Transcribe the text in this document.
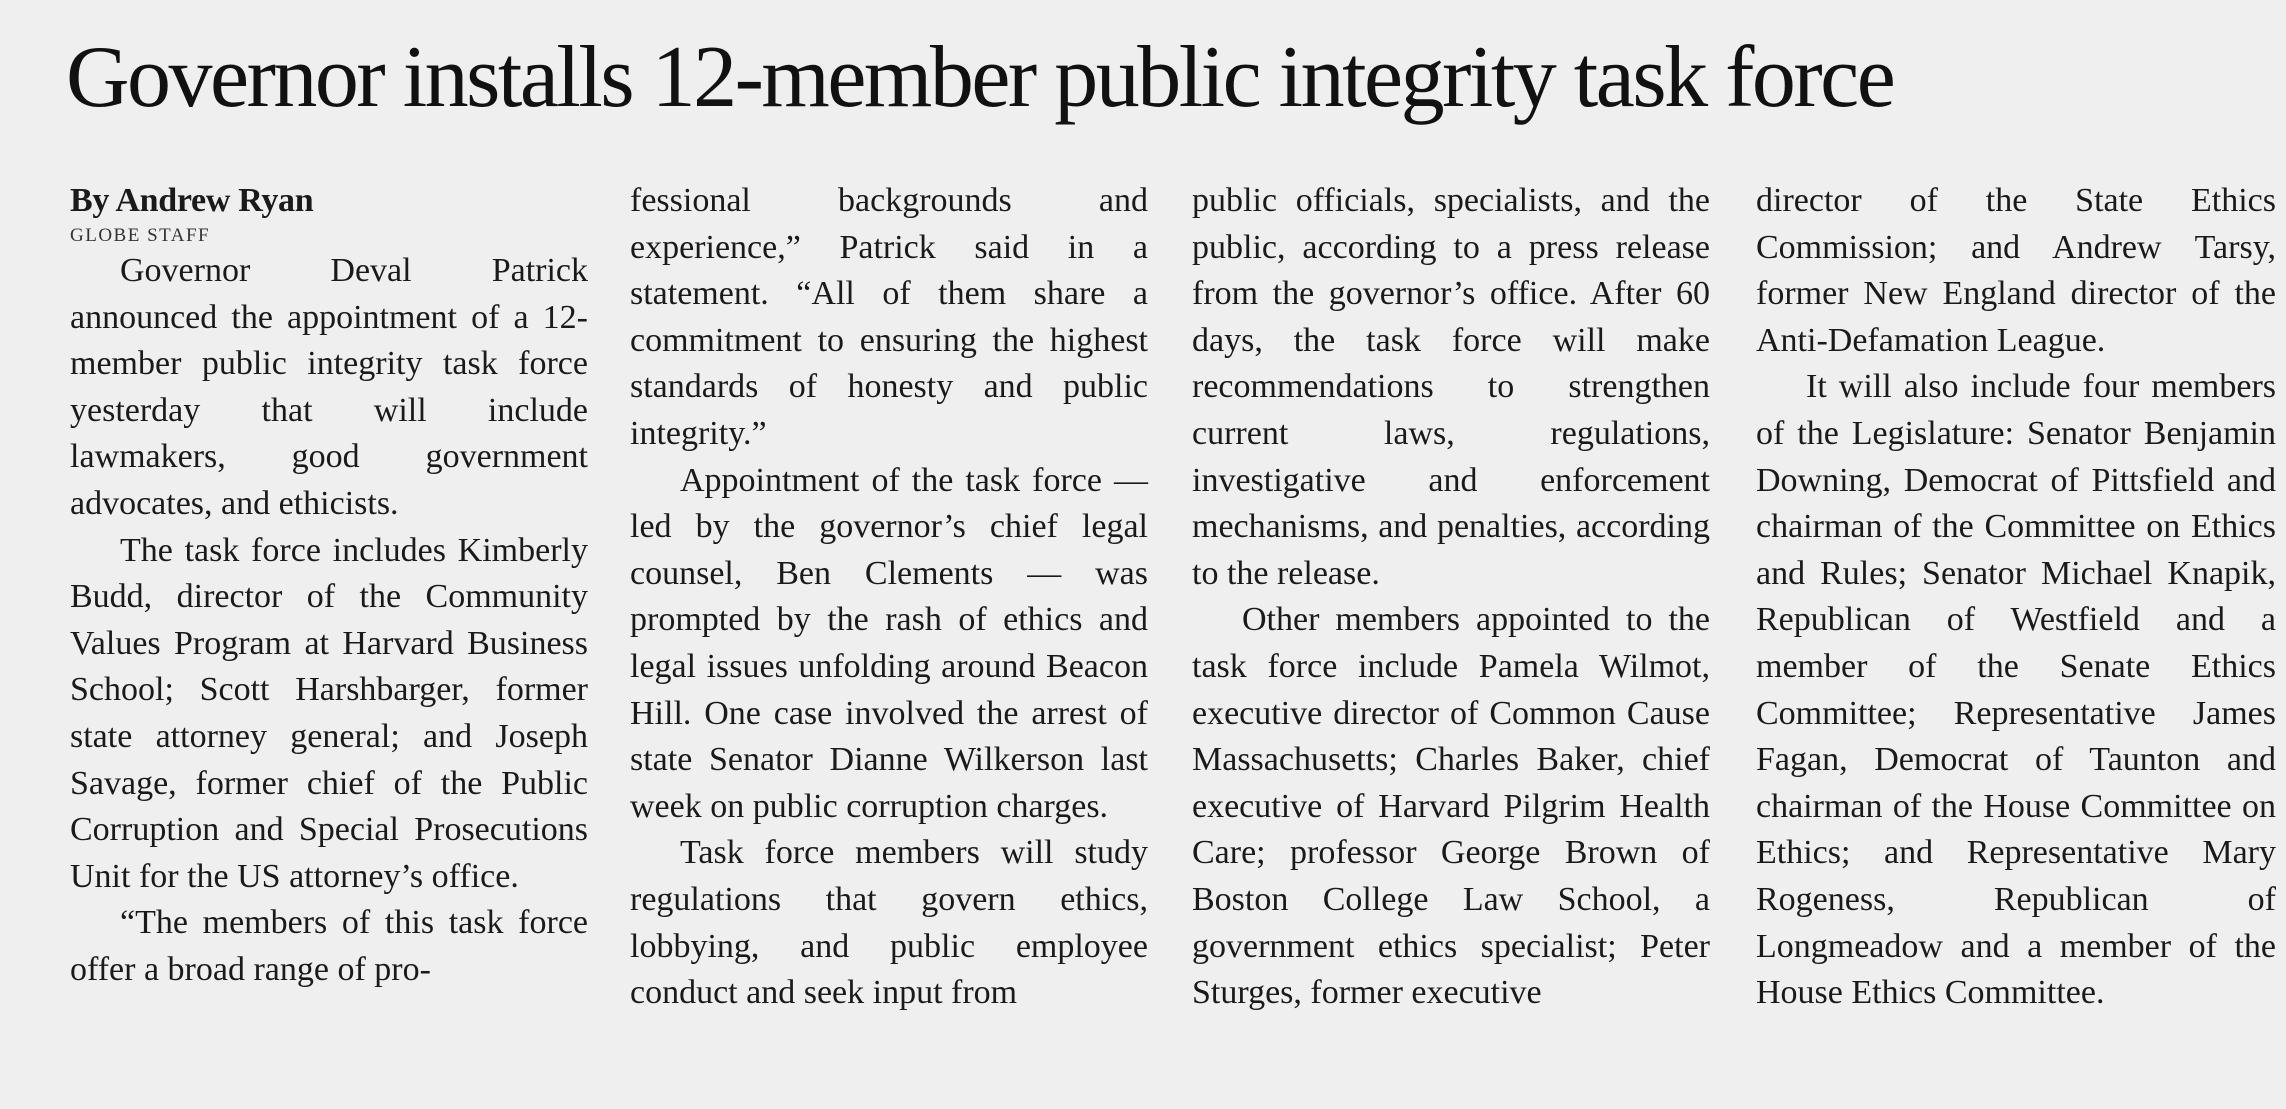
Governor installs 12-member public integrity task force

By Andrew Ryan

GLOBE STAFF

Governor Deval Patrick announced the appointment of a 12-member public integrity task force yesterday that will include lawmakers, good government advocates, and ethicists.

The task force includes Kimberly Budd, director of the Community Values Program at Harvard Business School; Scott Harshbarger, former state attorney general; and Joseph Savage, former chief of the Public Corruption and Special Prosecutions Unit for the US attorney’s office.

“The members of this task force offer a broad range of pro-

fessional backgrounds and experience,” Patrick said in a statement. “All of them share a commitment to ensuring the highest standards of honesty and public integrity.”

Appointment of the task force — led by the governor’s chief legal counsel, Ben Clements — was prompted by the rash of ethics and legal issues unfolding around Beacon Hill. One case involved the arrest of state Senator Dianne Wilkerson last week on public corruption charges.

Task force members will study regulations that govern ethics, lobbying, and public employee conduct and seek input from

public officials, specialists, and the public, according to a press release from the governor’s office. After 60 days, the task force will make recommendations to strengthen current laws, regulations, investigative and enforcement mechanisms, and penalties, according to the release.

Other members appointed to the task force include Pamela Wilmot, executive director of Common Cause Massachusetts; Charles Baker, chief executive of Harvard Pilgrim Health Care; professor George Brown of Boston College Law School, a government ethics specialist; Peter Sturges, former executive

director of the State Ethics Commission; and Andrew Tarsy, former New England director of the Anti-Defamation League.

It will also include four members of the Legislature: Senator Benjamin Downing, Democrat of Pittsfield and chairman of the Committee on Ethics and Rules; Senator Michael Knapik, Republican of Westfield and a member of the Senate Ethics Committee; Representative James Fagan, Democrat of Taunton and chairman of the House Committee on Ethics; and Representative Mary Rogeness, Republican of Longmeadow and a member of the House Ethics Committee.
